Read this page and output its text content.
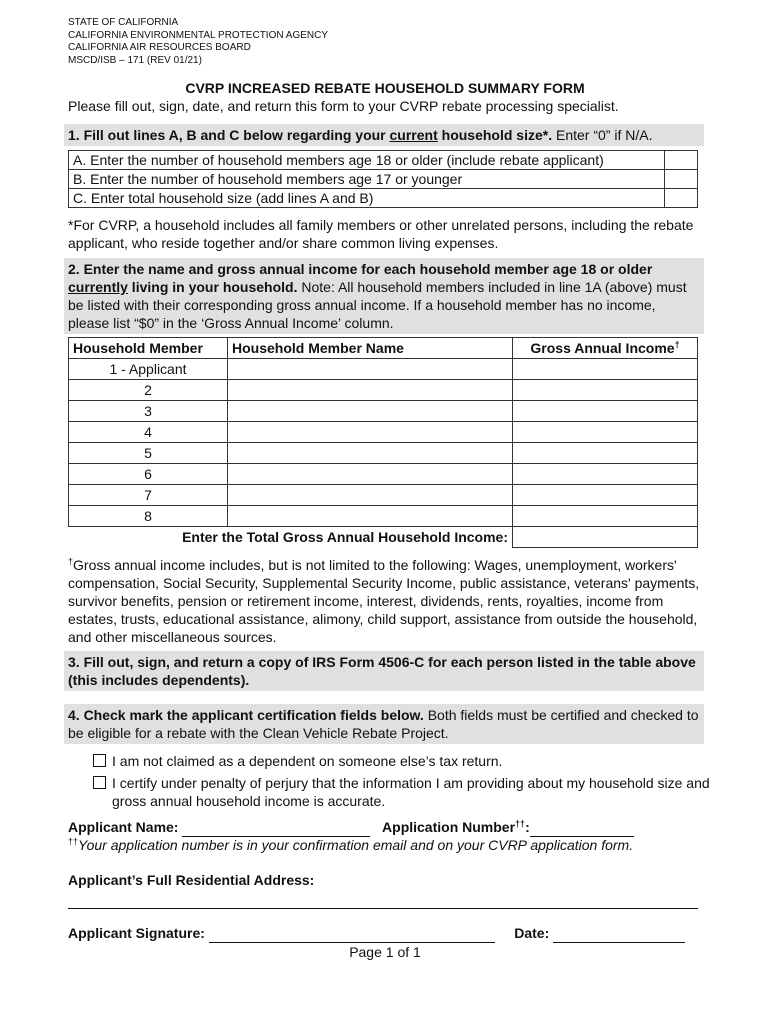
STATE OF CALIFORNIA
CALIFORNIA ENVIRONMENTAL PROTECTION AGENCY
CALIFORNIA AIR RESOURCES BOARD
MSCD/ISB – 171 (REV 01/21)
CVRP INCREASED REBATE HOUSEHOLD SUMMARY FORM
Please fill out, sign, date, and return this form to your CVRP rebate processing specialist.
1. Fill out lines A, B and C below regarding your current household size*. Enter “0” if N/A.
A. Enter the number of household members age 18 or older (include rebate applicant)	
B. Enter the number of household members age 17 or younger	
C. Enter total household size (add lines A and B)	
*For CVRP, a household includes all family members or other unrelated persons, including the rebate applicant, who reside together and/or share common living expenses.
2. Enter the name and gross annual income for each household member age 18 or older currently living in your household. Note: All household members included in line 1A (above) must be listed with their corresponding gross annual income. If a household member has no income, please list “$0” in the ‘Gross Annual Income’ column.
Household Member	Household Member Name	Gross Annual Income†
1 - Applicant		
2		
3		
4		
5		
6		
7		
8		
Enter the Total Gross Annual Household Income:		
†Gross annual income includes, but is not limited to the following: Wages, unemployment, workers' compensation, Social Security, Supplemental Security Income, public assistance, veterans' payments, survivor benefits, pension or retirement income, interest, dividends, rents, royalties, income from estates, trusts, educational assistance, alimony, child support, assistance from outside the household, and other miscellaneous sources.
3. Fill out, sign, and return a copy of IRS Form 4506-C for each person listed in the table above (this includes dependents).
4. Check mark the applicant certification fields below. Both fields must be certified and checked to be eligible for a rebate with the Clean Vehicle Rebate Project.
I am not claimed as a dependent on someone else’s tax return.
I certify under penalty of perjury that the information I am providing about my household size and gross annual household income is accurate.
Applicant Name:	Application Number††:
††Your application number is in your confirmation email and on your CVRP application form.
Applicant’s Full Residential Address:
Applicant Signature:	Date:
Page 1 of 1
